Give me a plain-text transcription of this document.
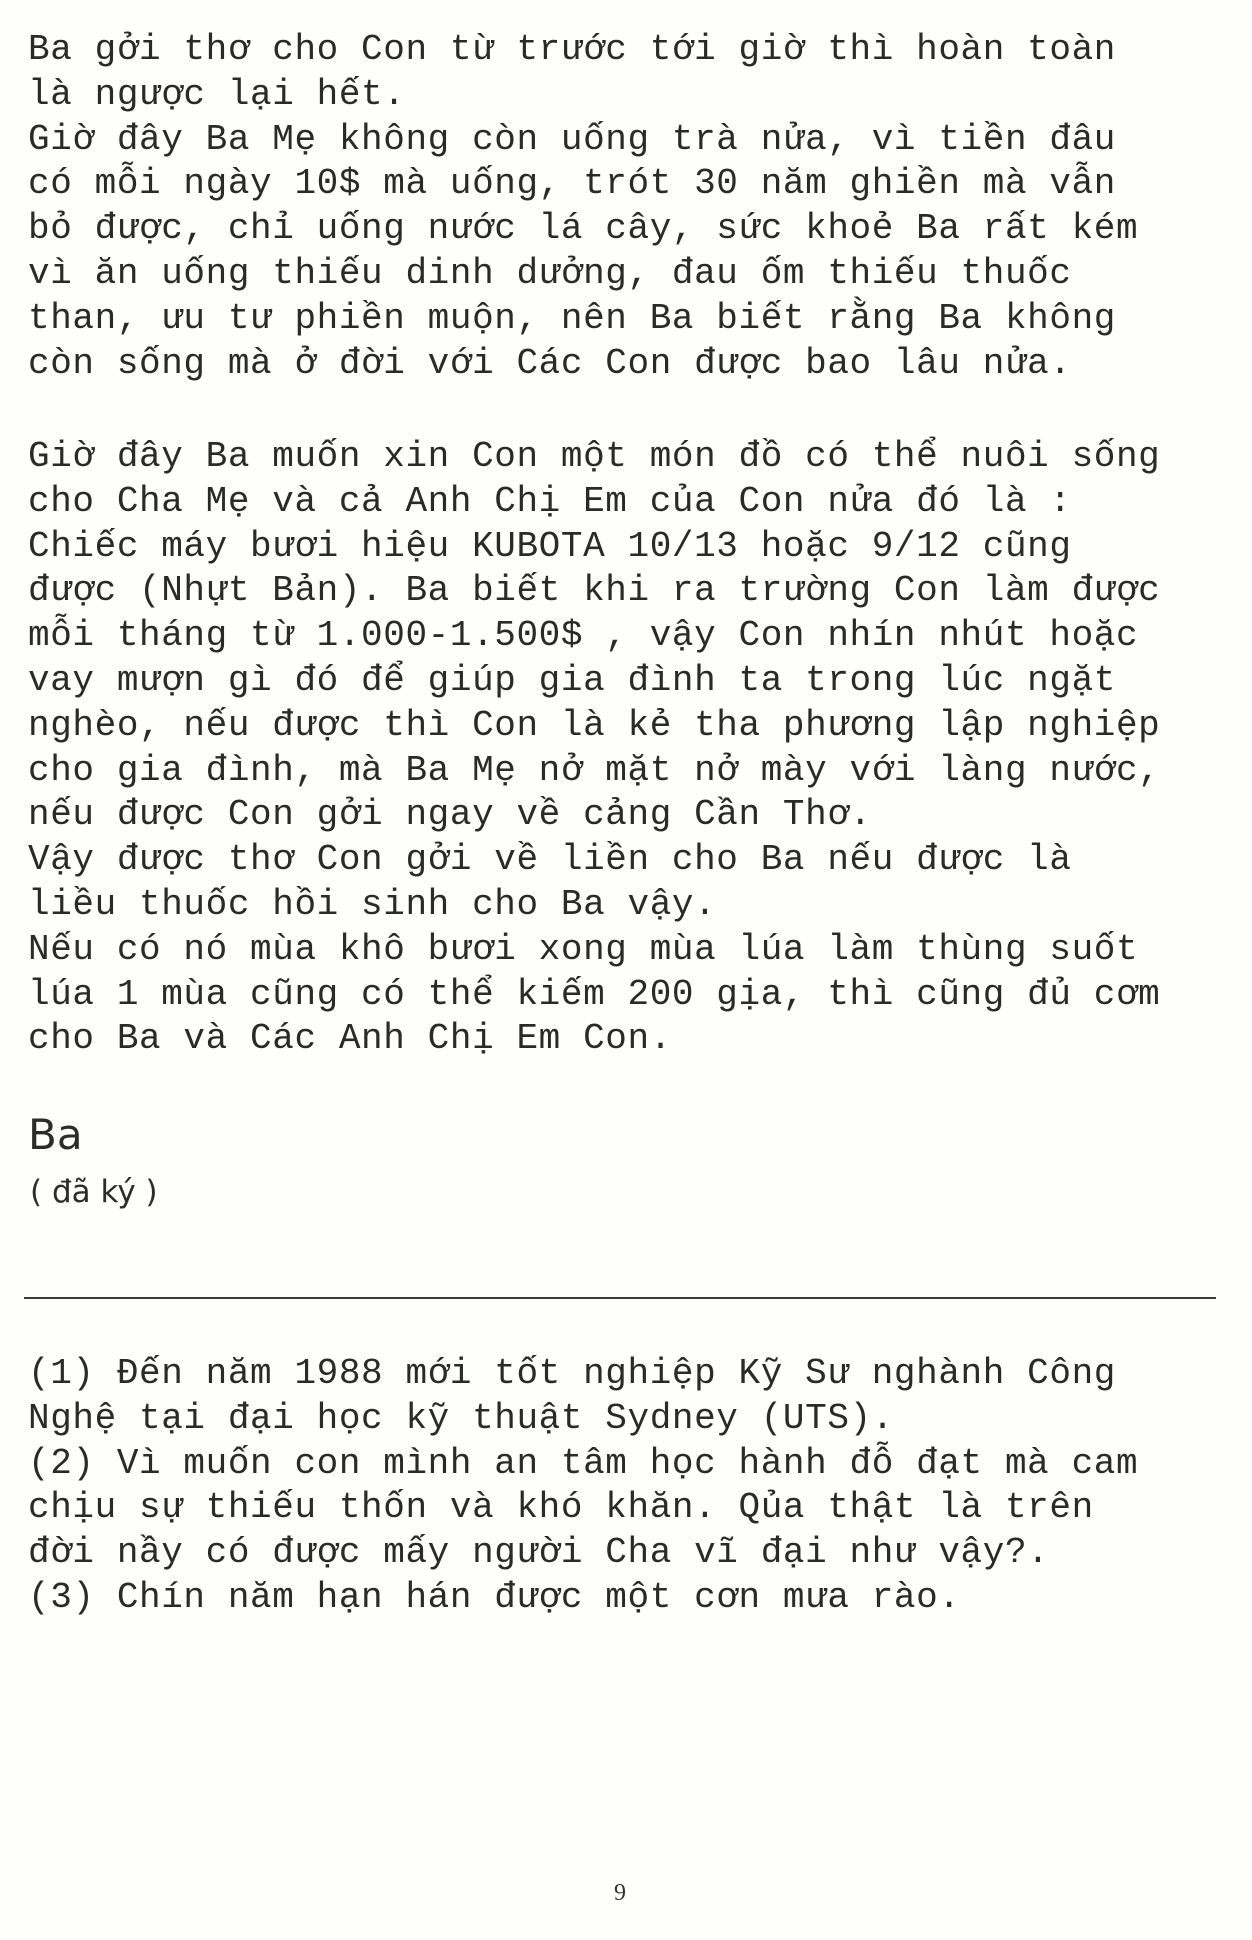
Ba gởi thơ cho Con từ trước tới giờ thì hoàn toàn
là ngược lại hết.
Giờ đây Ba Mẹ không còn uống trà nửa, vì tiền đâu
có mỗi ngày 10$ mà uống, trót 30 năm ghiền mà vẫn
bỏ được, chỉ uống nước lá cây, sức khoẻ Ba rất kém
vì ăn uống thiếu dinh dưởng, đau ốm thiếu thuốc
than, ưu tư phiền muộn, nên Ba biết rằng Ba không
còn sống mà ở đời với Các Con được bao lâu nửa.
Giờ đây Ba muốn xin Con một món đồ có thể nuôi sống
cho Cha Mẹ và cả Anh Chị Em của Con nửa đó là :
Chiếc máy bươi hiệu KUBOTA 10/13 hoặc 9/12 cũng
được (Nhựt Bản). Ba biết khi ra trường Con làm được
mỗi tháng từ 1.000-1.500$ , vậy Con nhín nhút hoặc
vay mượn gì đó để giúp gia đình ta trong lúc ngặt
nghèo, nếu được thì Con là kẻ tha phương lập nghiệp
cho gia đình, mà Ba Mẹ nở mặt nở mày với làng nước,
nếu được Con gởi ngay về cảng Cần Thơ.
Vậy được thơ Con gởi về liền cho Ba nếu được là
liều thuốc hồi sinh cho Ba vậy.
Nếu có nó mùa khô bươi xong mùa lúa làm thùng suốt
lúa 1 mùa cũng có thể kiếm 200 gịa, thì cũng đủ cơm
cho Ba và Các Anh Chị Em Con.
Ba
( đã ký )
(1) Đến năm 1988 mới tốt nghiệp Kỹ Sư nghành Công
Nghệ tại đại học kỹ thuật Sydney (UTS).
(2) Vì muốn con mình an tâm học hành đỗ đạt mà cam
chịu sự thiếu thốn và khó khăn. Qủa thật là trên
đời nầy có được mấy người Cha vĩ đại như vậy?.
(3) Chín năm hạn hán được một cơn mưa rào.
9
